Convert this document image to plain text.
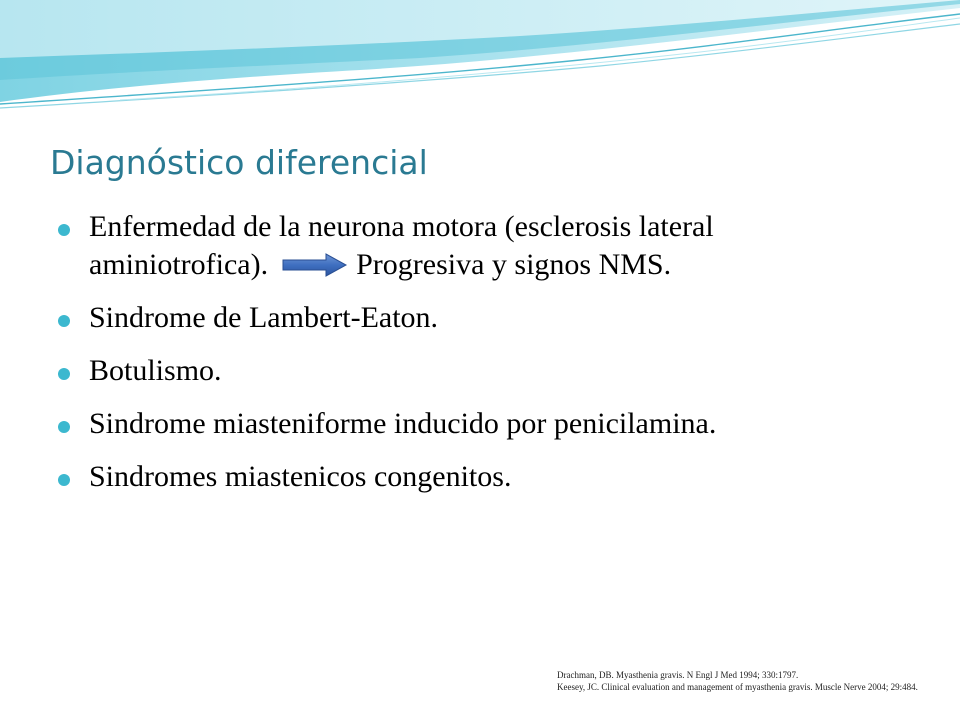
Diagnóstico diferencial
Enfermedad de la neurona motora (esclerosis lateral
aminiotrofica).	Progresiva y signos NMS.
Sindrome de Lambert-Eaton.
Botulismo.
Sindrome miasteniforme inducido por penicilamina.
Sindromes miastenicos congenitos.
Drachman, DB. Myasthenia gravis. N Engl J Med 1994; 330:1797.
Keesey, JC. Clinical evaluation and management of myasthenia gravis. Muscle Nerve 2004; 29:484.
